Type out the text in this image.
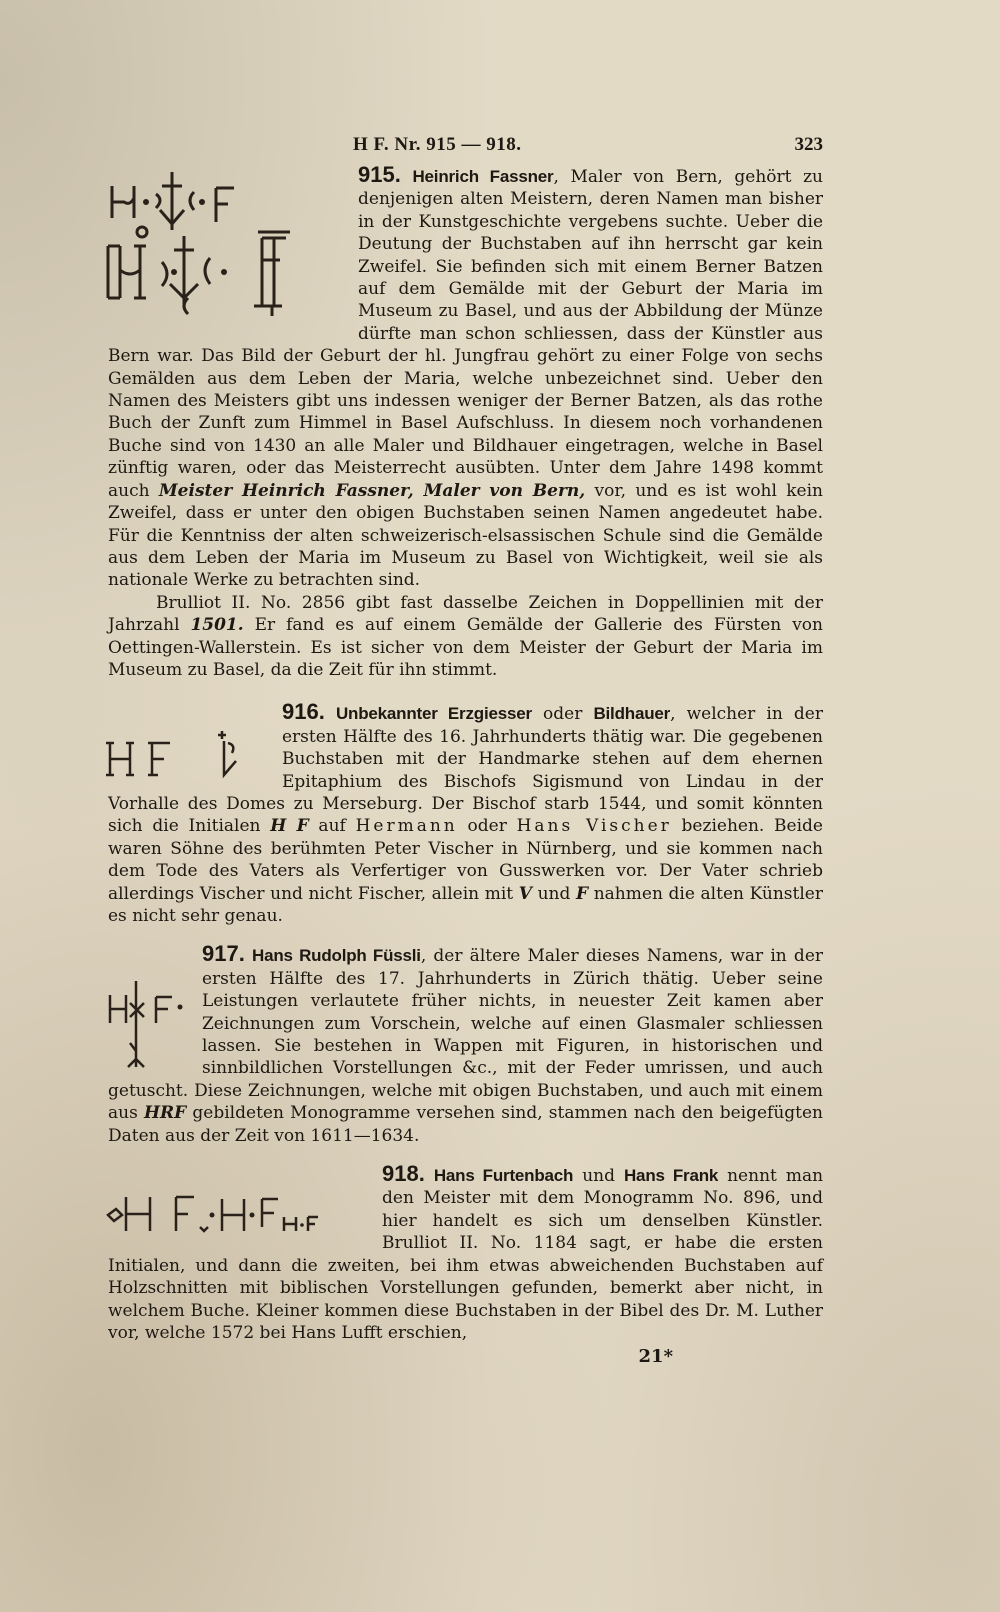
H F. Nr. 915 — 918.	323

915. Heinrich Fassner, Maler von Bern, gehört zu denjenigen alten Meistern, deren Namen man bisher in der Kunstgeschichte vergebens suchte. Ueber die Deutung der Buchstaben auf ihn herrscht gar kein Zweifel. Sie befinden sich mit einem Berner Batzen auf dem Gemälde mit der Geburt der Maria im Museum zu Basel, und aus der Abbildung der Münze dürfte man schon schliessen, dass der Künstler aus Bern war. Das Bild der Geburt der hl. Jungfrau gehört zu einer Folge von sechs Gemälden aus dem Leben der Maria, welche unbezeichnet sind. Ueber den Namen des Meisters gibt uns indessen weniger der Berner Batzen, als das rothe Buch der Zunft zum Himmel in Basel Aufschluss. In diesem noch vorhandenen Buche sind von 1430 an alle Maler und Bildhauer eingetragen, welche in Basel zünftig waren, oder das Meisterrecht ausübten. Unter dem Jahre 1498 kommt auch Meister Heinrich Fassner, Maler von Bern, vor, und es ist wohl kein Zweifel, dass er unter den obigen Buchstaben seinen Namen angedeutet habe. Für die Kenntniss der alten schweizerisch-elsassischen Schule sind die Gemälde aus dem Leben der Maria im Museum zu Basel von Wichtigkeit, weil sie als nationale Werke zu betrachten sind.

Brulliot II. No. 2856 gibt fast dasselbe Zeichen in Doppellinien mit der Jahrzahl 1501. Er fand es auf einem Gemälde der Gallerie des Fürsten von Oettingen-Wallerstein. Es ist sicher von dem Meister der Geburt der Maria im Museum zu Basel, da die Zeit für ihn stimmt.

916. Unbekannter Erzgiesser oder Bildhauer, welcher in der ersten Hälfte des 16. Jahrhunderts thätig war. Die gegebenen Buchstaben mit der Handmarke stehen auf dem ehernen Epitaphium des Bischofs Sigismund von Lindau in der Vorhalle des Domes zu Merseburg. Der Bischof starb 1544, und somit könnten sich die Initialen H F auf Hermann oder Hans Vischer beziehen. Beide waren Söhne des berühmten Peter Vischer in Nürnberg, und sie kommen nach dem Tode des Vaters als Verfertiger von Gusswerken vor. Der Vater schrieb allerdings Vischer und nicht Fischer, allein mit V und F nahmen die alten Künstler es nicht sehr genau.

917. Hans Rudolph Füssli, der ältere Maler dieses Namens, war in der ersten Hälfte des 17. Jahrhunderts in Zürich thätig. Ueber seine Leistungen verlautete früher nichts, in neuester Zeit kamen aber Zeichnungen zum Vorschein, welche auf einen Glasmaler schliessen lassen. Sie bestehen in Wappen mit Figuren, in historischen und sinnbildlichen Vorstellungen &c., mit der Feder umrissen, und auch getuscht. Diese Zeichnungen, welche mit obigen Buchstaben, und auch mit einem aus HRF gebildeten Monogramme versehen sind, stammen nach den beigefügten Daten aus der Zeit von 1611—1634.

918. Hans Furtenbach und Hans Frank nennt man den Meister mit dem Monogramm No. 896, und hier handelt es sich um denselben Künstler. Brulliot II. No. 1184 sagt, er habe die ersten Initialen, und dann die zweiten, bei ihm etwas abweichenden Buchstaben auf Holzschnitten mit biblischen Vorstellungen gefunden, bemerkt aber nicht, in welchem Buche. Kleiner kommen diese Buchstaben in der Bibel des Dr. M. Luther vor, welche 1572 bei Hans Lufft erschien,

21*
